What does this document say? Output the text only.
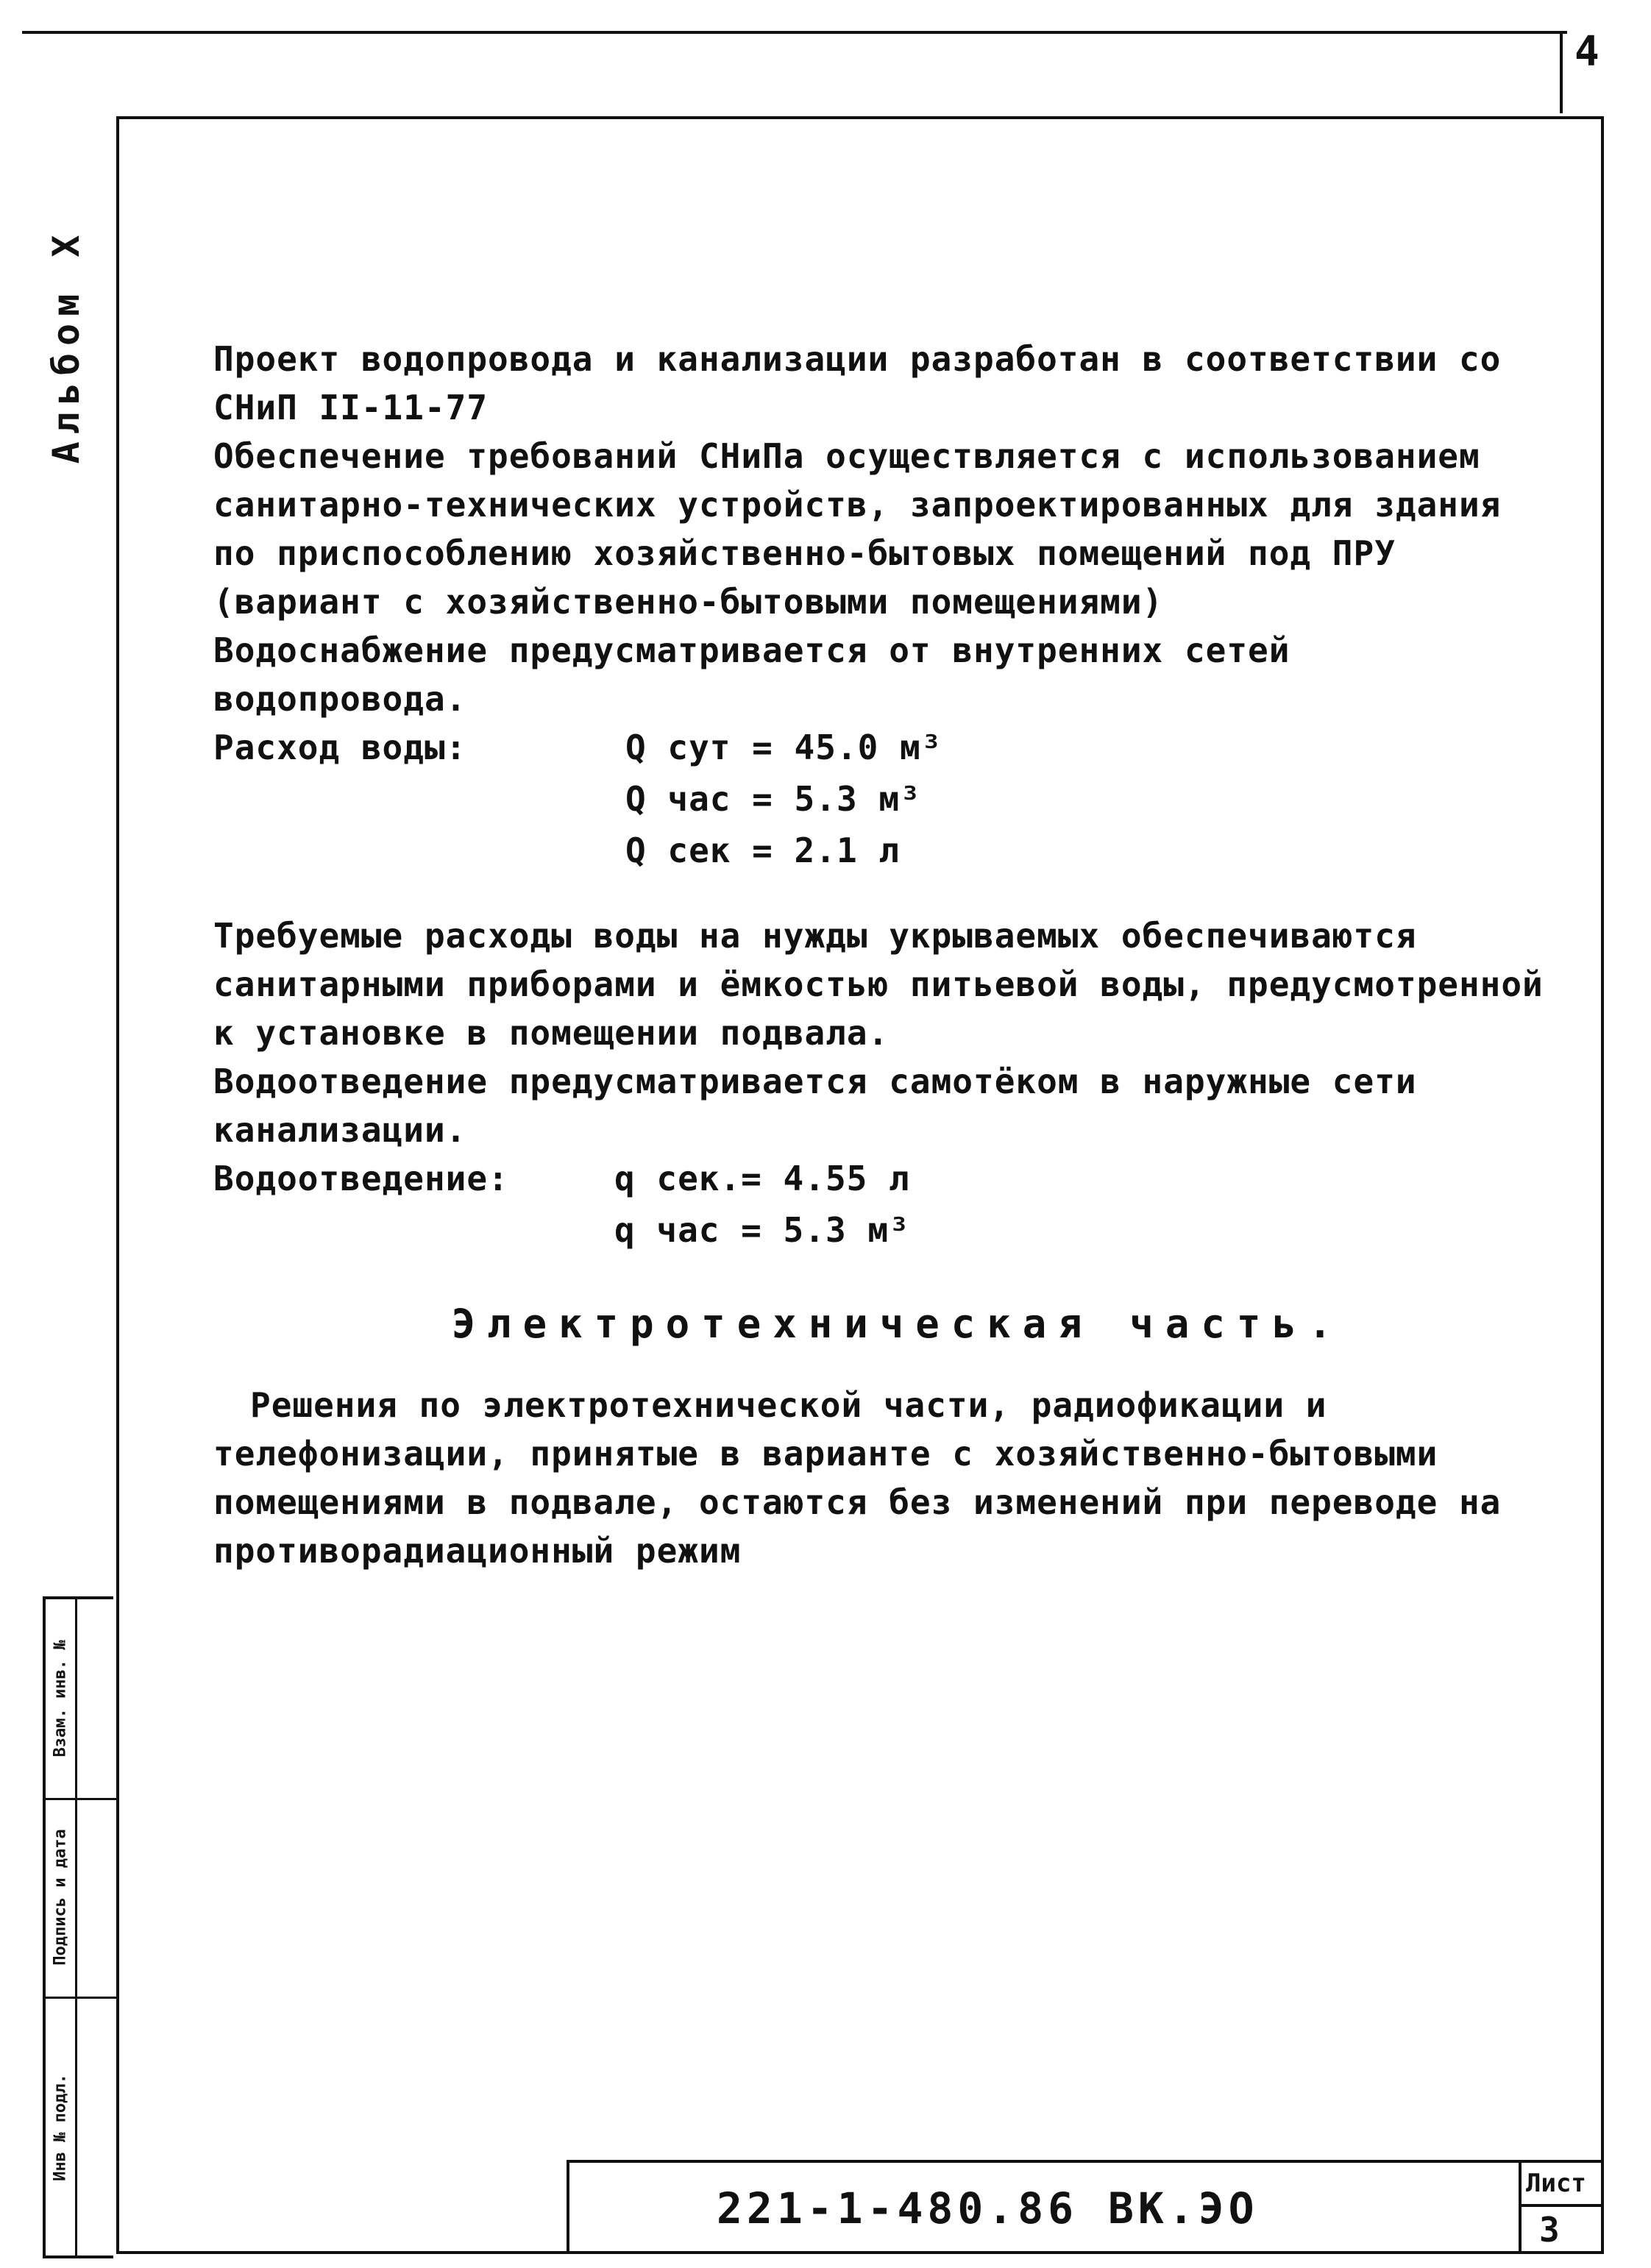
4
Альбом X	Проект водопровода и канализации разработан в соответствии со СНиП II-11-77

Обеспечение требований СНиПа осуществляется с использованием санитарно-технических устройств, запроектированных для здания по приспособлению хозяйственно-бытовых помещений под ПРУ (вариант с хозяйственно-бытовыми помещениями)

Водоснабжение предусматривается от внутренних сетей водопровода.

Расход воды:	Q сут = 45.0 м³
Q час = 5.3 м³
Q сек = 2.1 л

Требуемые расходы воды на нужды укрываемых обеспечиваются санитарными приборами и ёмкостью питьевой воды, предусмотренной к установке в помещении подвала.

Водоотведение предусматривается самотёком в наружные сети канализации.

Водоотведение:	q сек.= 4.55 л
q час = 5.3 м³
Электротехническая часть.

Решения по электротехнической части, радиофикации и телефонизации, принятые в варианте с хозяйственно-бытовыми помещениями в подвале, остаются без изменений при переводе на противорадиационный режим

Взам. инв. №
Подпись и дата
Инв № подл.
221-1-480.86 ВК.ЭО	Лист
3
